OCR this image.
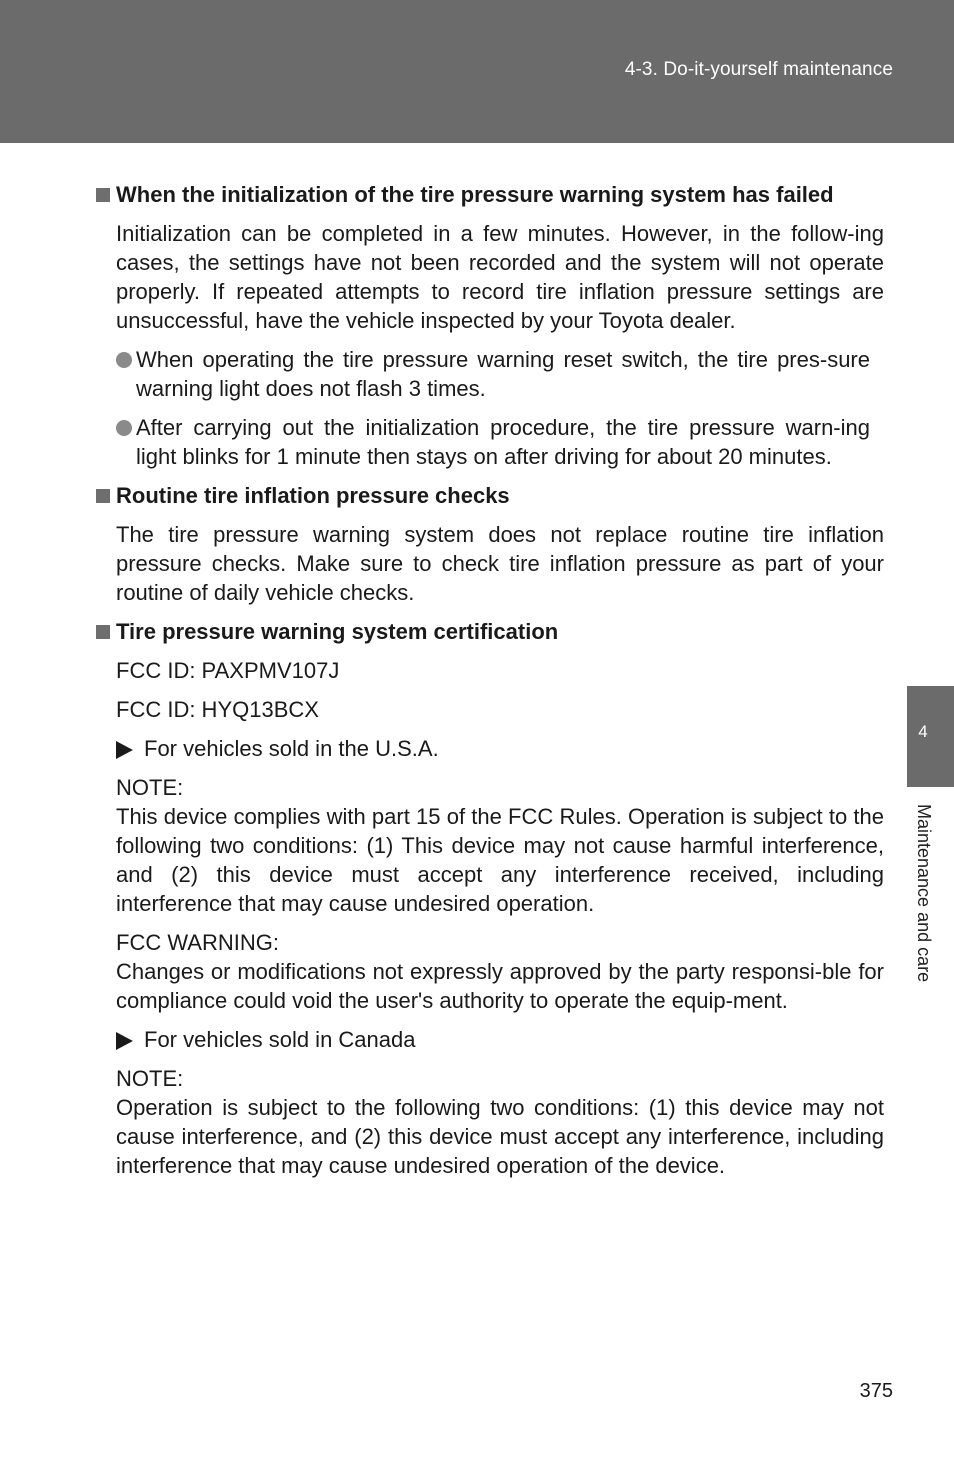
4-3. Do-it-yourself maintenance
4
Maintenance and care
When the initialization of the tire pressure warning system has failed
Initialization can be completed in a few minutes. However, in the follow-ing cases, the settings have not been recorded and the system will not operate properly. If repeated attempts to record tire inflation pressure settings are unsuccessful, have the vehicle inspected by your Toyota dealer.
When operating the tire pressure warning reset switch, the tire pres-sure warning light does not flash 3 times.
After carrying out the initialization procedure, the tire pressure warn-ing light blinks for 1 minute then stays on after driving for about 20 minutes.
Routine tire inflation pressure checks
The tire pressure warning system does not replace routine tire inflation pressure checks. Make sure to check tire inflation pressure as part of your routine of daily vehicle checks.
Tire pressure warning system certification
FCC ID: PAXPMV107J
FCC ID: HYQ13BCX
For vehicles sold in the U.S.A.
NOTE:
This device complies with part 15 of the FCC Rules. Operation is subject to the following two conditions: (1) This device may not cause harmful interference, and (2) this device must accept any interference received, including interference that may cause undesired operation.
FCC WARNING:
Changes or modifications not expressly approved by the party responsi-ble for compliance could void the user's authority to operate the equip-ment.
For vehicles sold in Canada
NOTE:
Operation is subject to the following two conditions: (1) this device may not cause interference, and (2) this device must accept any interference, including interference that may cause undesired operation of the device.
375
